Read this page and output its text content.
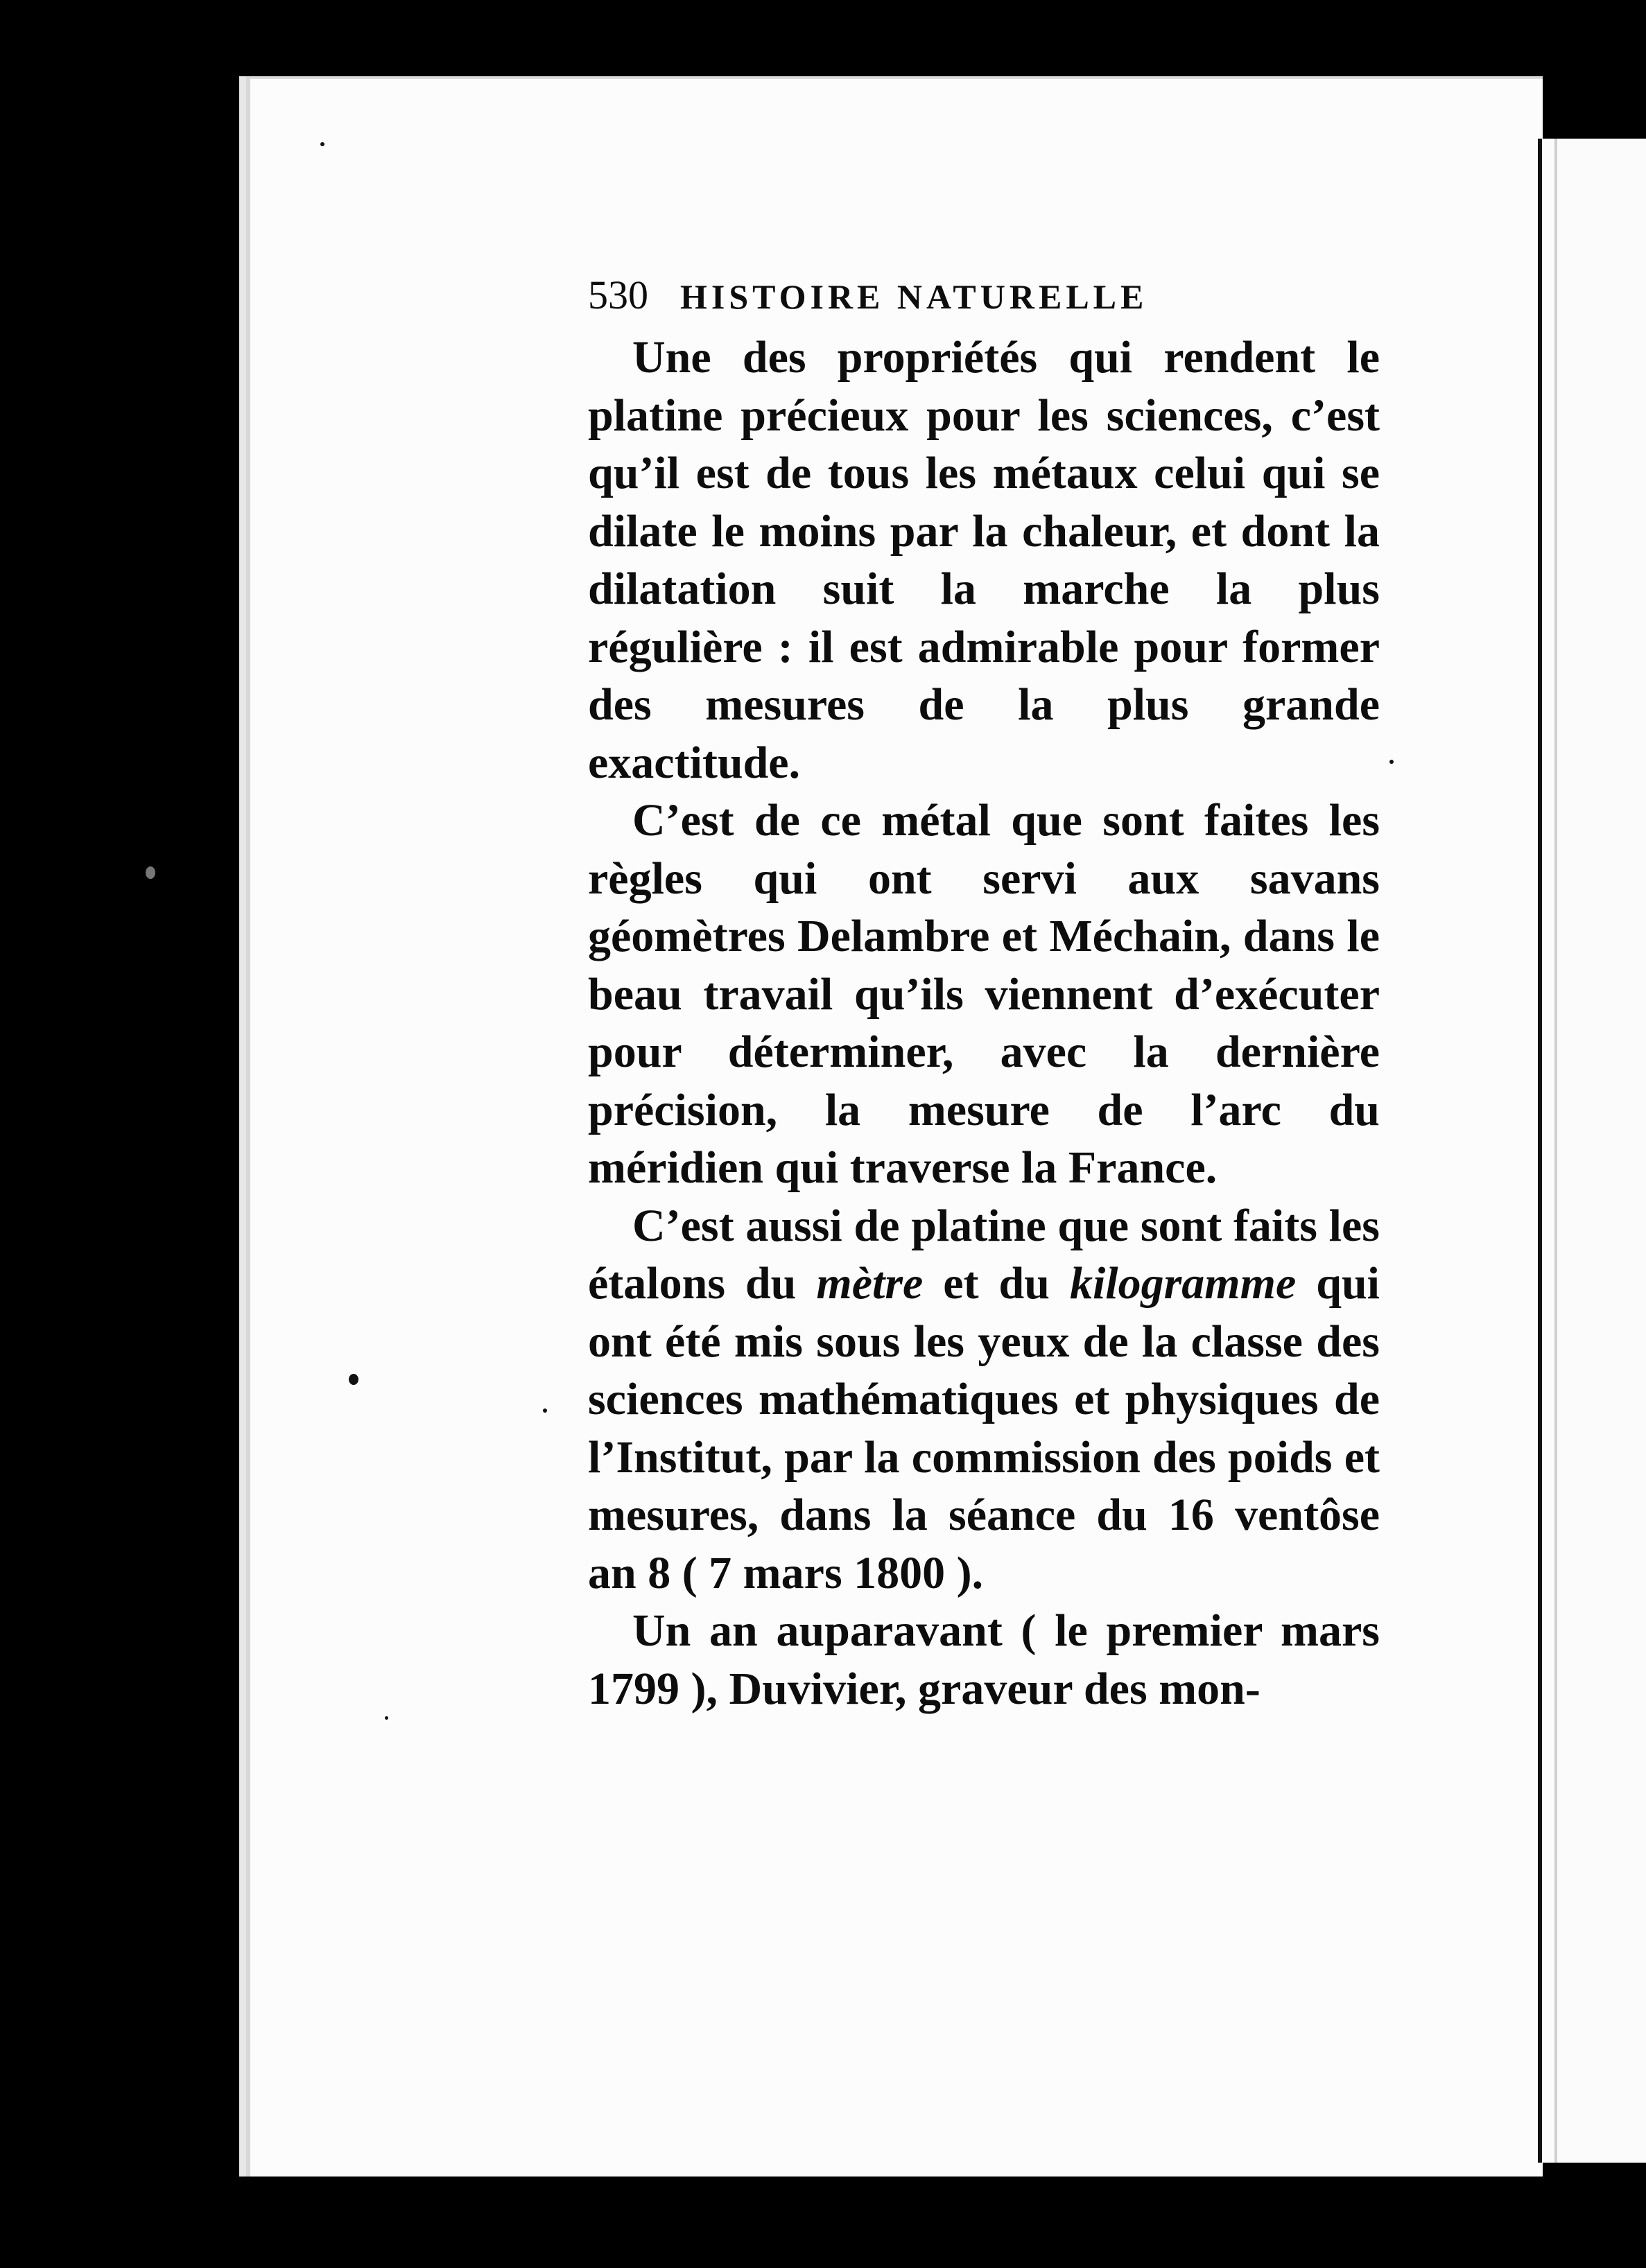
530 HISTOIRE NATURELLE

Une des propriétés qui rendent le platine précieux pour les sciences, c’est qu’il est de tous les métaux celui qui se dilate le moins par la chaleur, et dont la dilatation suit la marche la plus régulière : il est admirable pour former des mesures de la plus grande exactitude.

C’est de ce métal que sont faites les règles qui ont servi aux savans géomètres Delambre et Méchain, dans le beau travail qu’ils viennent d’exécuter pour déterminer, avec la dernière précision, la mesure de l’arc du méridien qui traverse la France.

C’est aussi de platine que sont faits les étalons du mètre et du kilogramme qui ont été mis sous les yeux de la classe des sciences mathématiques et physiques de l’Institut, par la commission des poids et mesures, dans la séance du 16 ventôse an 8 ( 7 mars 1800 ).

Un an auparavant ( le premier mars 1799 ), Duvivier, graveur des mon-
